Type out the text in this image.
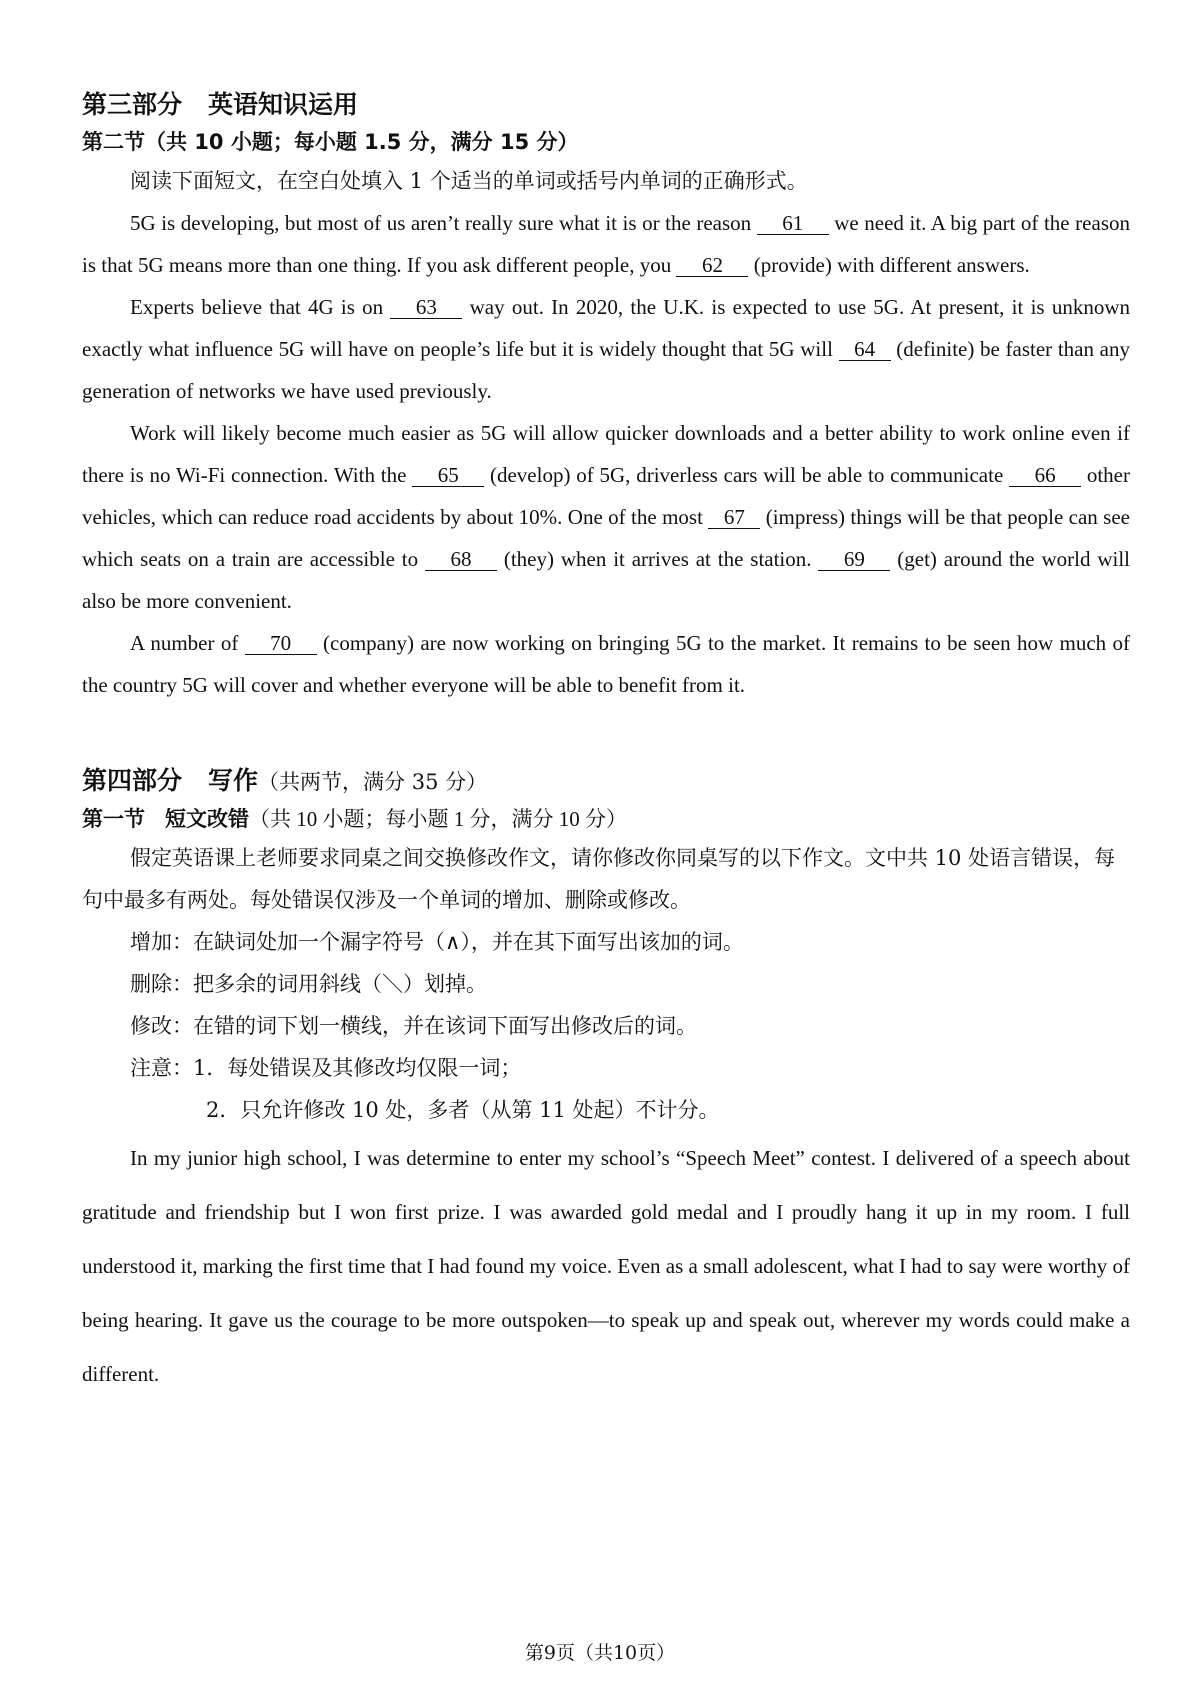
第三部分 英语知识运用
第二节（共 10 小题；每小题 1.5 分，满分 15 分）

阅读下面短文，在空白处填入 1 个适当的单词或括号内单词的正确形式。

5G is developing, but most of us aren’t really sure what it is or the reason 61 we need it. A big part of the reason is that 5G means more than one thing. If you ask different people, you 62 (provide) with different answers.

Experts believe that 4G is on 63 way out. In 2020, the U.K. is expected to use 5G. At present, it is unknown exactly what influence 5G will have on people’s life but it is widely thought that 5G will 64 (definite) be faster than any generation of networks we have used previously.

Work will likely become much easier as 5G will allow quicker downloads and a better ability to work online even if there is no Wi-Fi connection. With the 65 (develop) of 5G, driverless cars will be able to communicate 66 other vehicles, which can reduce road accidents by about 10%. One of the most 67 (impress) things will be that people can see which seats on a train are accessible to 68 (they) when it arrives at the station. 69 (get) around the world will also be more convenient.

A number of 70 (company) are now working on bringing 5G to the market. It remains to be seen how much of the country 5G will cover and whether everyone will be able to benefit from it.

第四部分 写作（共两节，满分 35 分）
第一节 短文改错（共 10 小题；每小题 1 分，满分 10 分）

假定英语课上老师要求同桌之间交换修改作文，请你修改你同桌写的以下作文。文中共 10 处语言错误，每句中最多有两处。每处错误仅涉及一个单词的增加、删除或修改。

增加：在缺词处加一个漏字符号（∧），并在其下面写出该加的词。
删除：把多余的词用斜线（＼）划掉。
修改：在错的词下划一横线，并在该词下面写出修改后的词。
注意：1．每处错误及其修改均仅限一词；
2．只允许修改 10 处，多者（从第 11 处起）不计分。

In my junior high school, I was determine to enter my school’s “Speech Meet” contest. I delivered of a speech about gratitude and friendship but I won first prize. I was awarded gold medal and I proudly hang it up in my room. I full understood it, marking the first time that I had found my voice. Even as a small adolescent, what I had to say were worthy of being hearing. It gave us the courage to be more outspoken—to speak up and speak out, wherever my words could make a different.

第9页（共10页）
